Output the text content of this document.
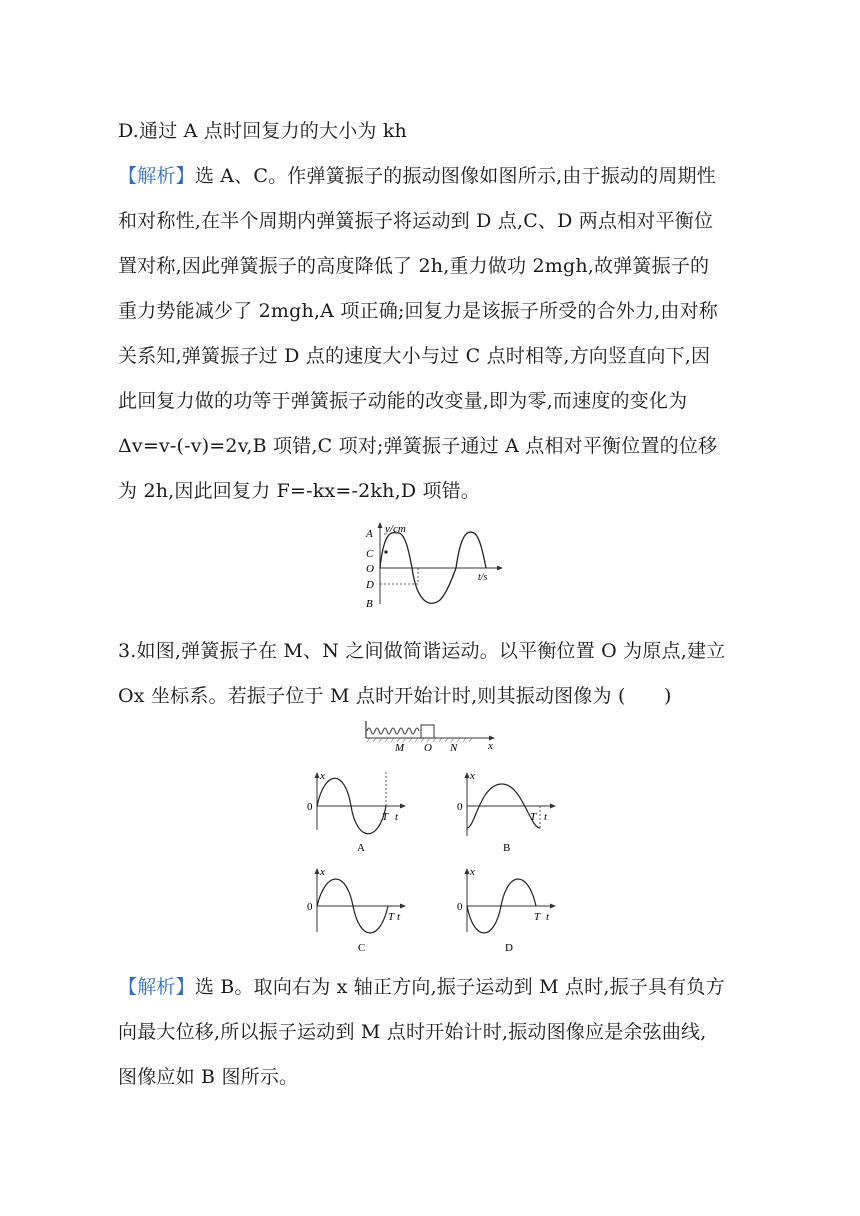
D.通过 A 点时回复力的大小为 kh
【解析】选 A、C。作弹簧振子的振动图像如图所示,由于振动的周期性
和对称性,在半个周期内弹簧振子将运动到 D 点,C、D 两点相对平衡位
置对称,因此弹簧振子的高度降低了 2h,重力做功 2mgh,故弹簧振子的
重力势能减少了 2mgh,A 项正确;回复力是该振子所受的合外力,由对称
关系知,弹簧振子过 D 点的速度大小与过 C 点时相等,方向竖直向下,因
此回复力做的功等于弹簧振子动能的改变量,即为零,而速度的变化为
Δv=v-(-v)=2v,B 项错,C 项对;弹簧振子通过 A 点相对平衡位置的位移
为 2h,因此回复力 F=-kx=-2kh,D 项错。
y/cm
t/s
A
C
O
D
B
3.如图,弹簧振子在 M、N 之间做简谐运动。以平衡位置 O 为原点,建立
Ox 坐标系。若振子位于 M 点时开始计时,则其振动图像为 (　　)
M O N	x
x
0
T t
A
x
0
T t
B
x
0
T t
C
x
0
T t
D
【解析】选 B。取向右为 x 轴正方向,振子运动到 M 点时,振子具有负方
向最大位移,所以振子运动到 M 点时开始计时,振动图像应是余弦曲线,
图像应如 B 图所示。
